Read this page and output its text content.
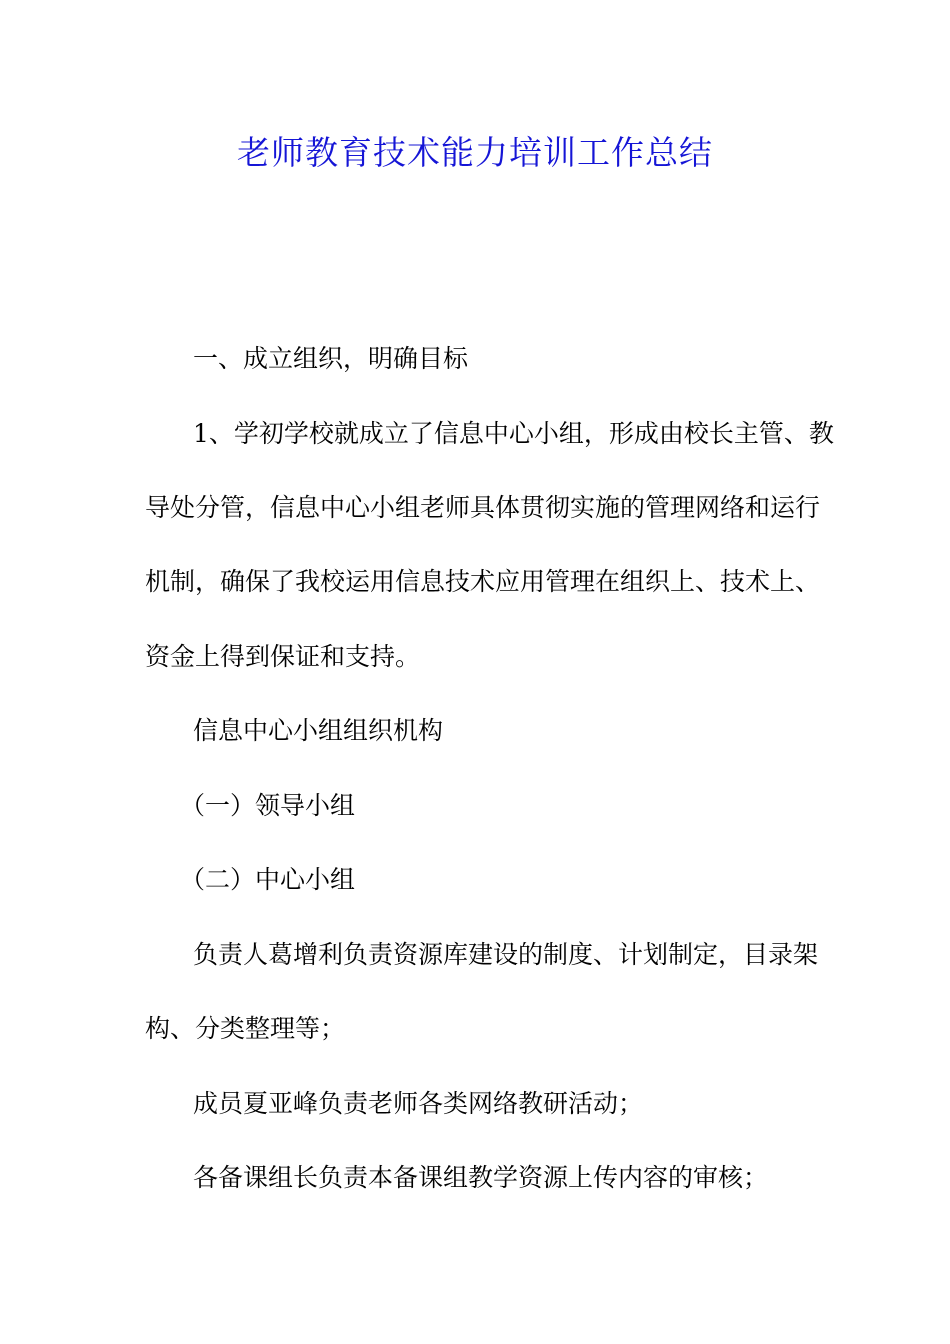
老师教育技术能力培训工作总结

一、成立组织，明确目标

1、学初学校就成立了信息中心小组，形成由校长主管、教

导处分管，信息中心小组老师具体贯彻实施的管理网络和运行

机制，确保了我校运用信息技术应用管理在组织上、技术上、

资金上得到保证和支持。

信息中心小组组织机构

（一）领导小组

（二）中心小组

负责人葛增利负责资源库建设的制度、计划制定，目录架

构、分类整理等；

成员夏亚峰负责老师各类网络教研活动；

各备课组长负责本备课组教学资源上传内容的审核；
